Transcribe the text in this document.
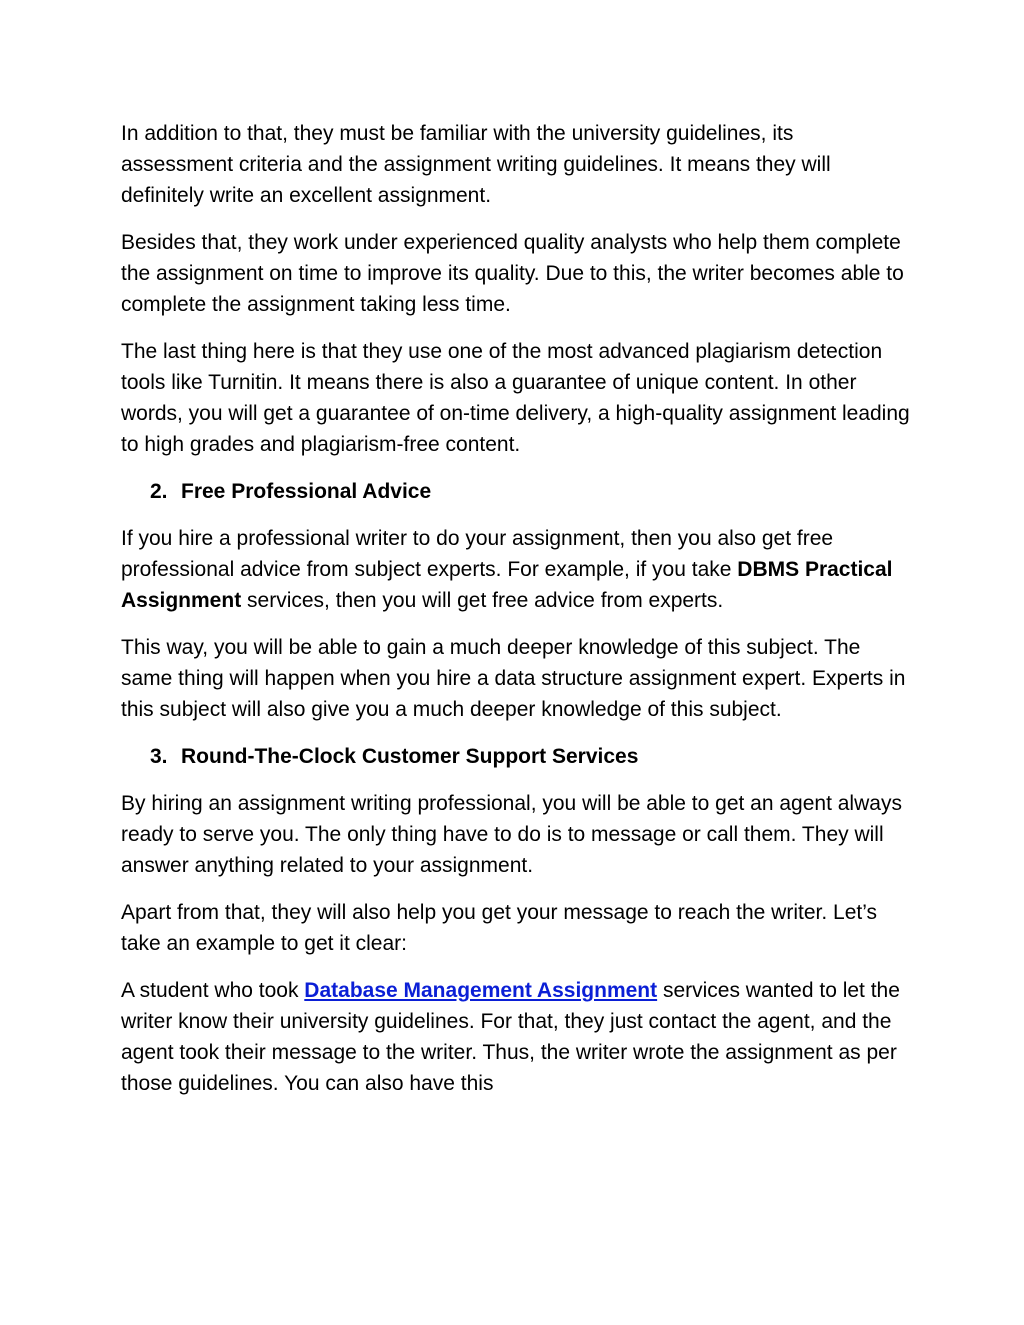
In addition to that, they must be familiar with the university guidelines, its assessment criteria and the assignment writing guidelines. It means they will definitely write an excellent assignment.

Besides that, they work under experienced quality analysts who help them complete the assignment on time to improve its quality. Due to this, the writer becomes able to complete the assignment taking less time.

The last thing here is that they use one of the most advanced plagiarism detection tools like Turnitin. It means there is also a guarantee of unique content. In other words, you will get a guarantee of on-time delivery, a high-quality assignment leading to high grades and plagiarism-free content.

2. Free Professional Advice

If you hire a professional writer to do your assignment, then you also get free professional advice from subject experts. For example, if you take DBMS Practical Assignment services, then you will get free advice from experts.

This way, you will be able to gain a much deeper knowledge of this subject. The same thing will happen when you hire a data structure assignment expert. Experts in this subject will also give you a much deeper knowledge of this subject.

3. Round-The-Clock Customer Support Services

By hiring an assignment writing professional, you will be able to get an agent always ready to serve you. The only thing have to do is to message or call them. They will answer anything related to your assignment.

Apart from that, they will also help you get your message to reach the writer. Let’s take an example to get it clear:

A student who took Database Management Assignment services wanted to let the writer know their university guidelines. For that, they just contact the agent, and the agent took their message to the writer. Thus, the writer wrote the assignment as per those guidelines. You can also have this
